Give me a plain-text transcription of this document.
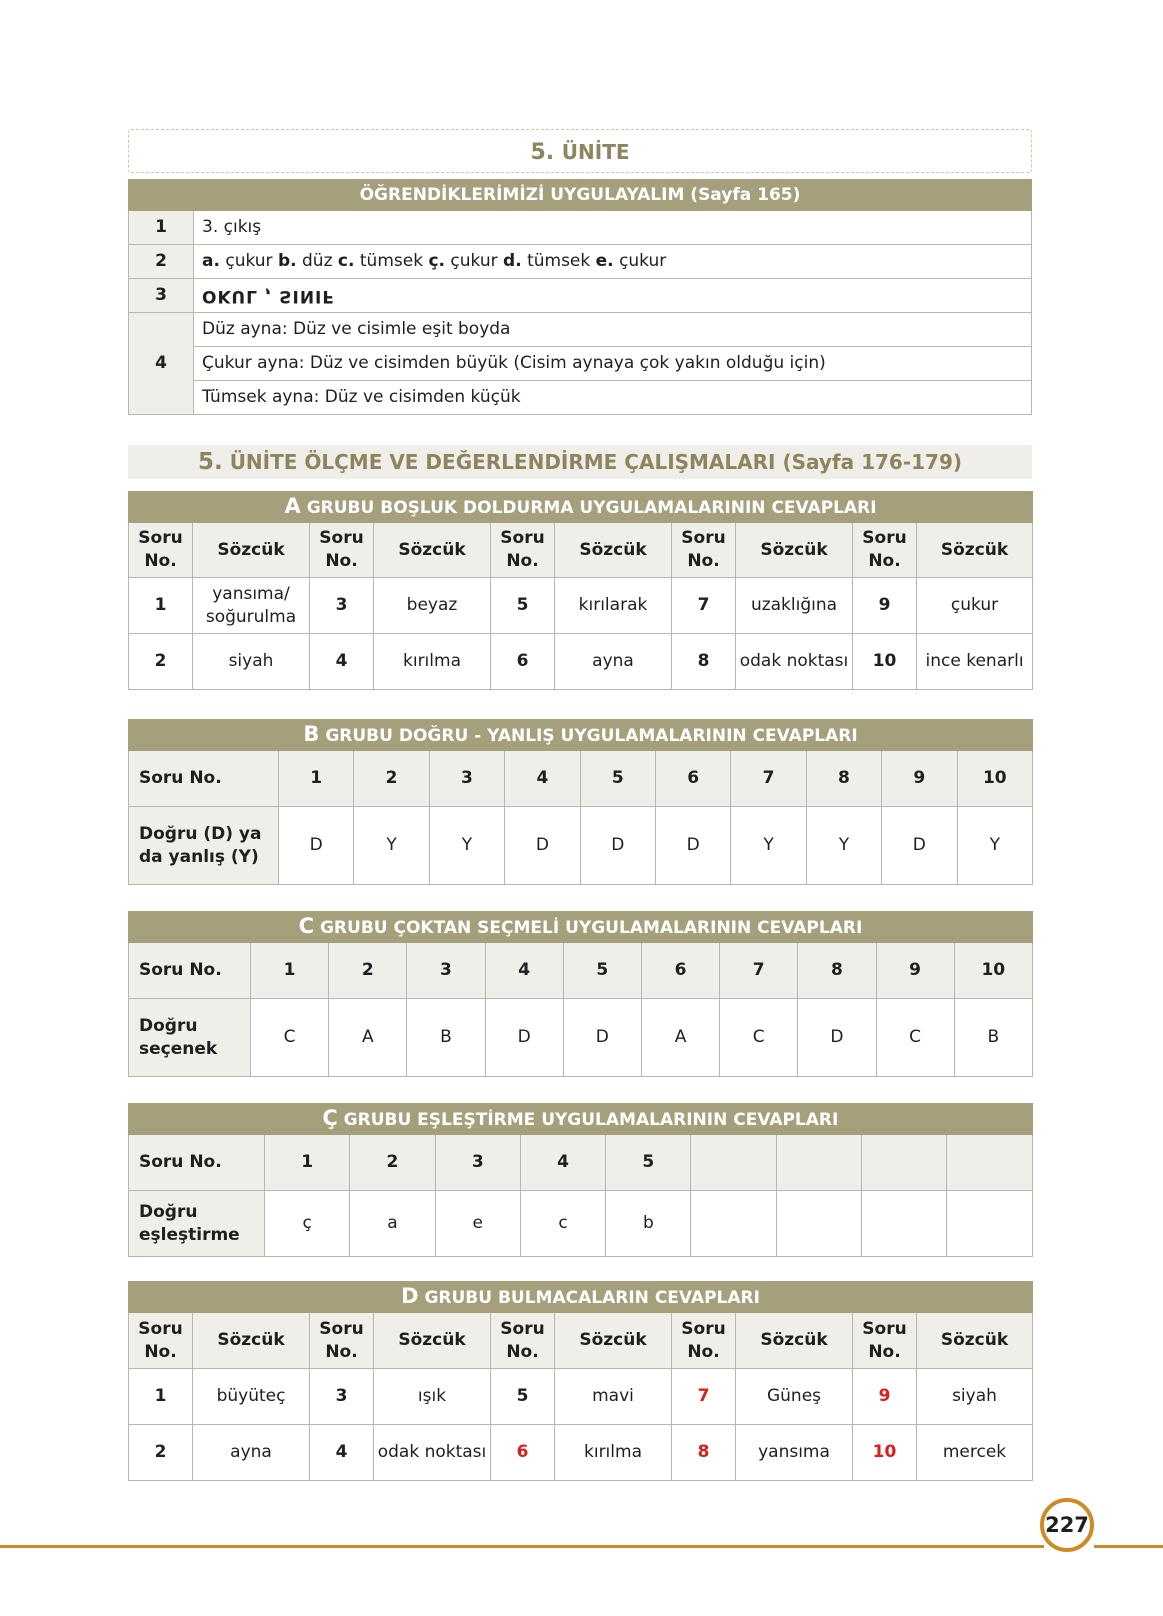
5. ÜNİTE
ÖĞRENDİKLERİMİZİ UYGULAYALIM (Sayfa 165)	
1	3. çıkış
2	a. çukur b. düz c. tümsek ç. çukur d. tümsek e. çukur
3	OKUL , SINIF
4	Düz ayna: Düz ve cisimle eşit boyda
	Çukur ayna: Düz ve cisimden büyük (Cisim aynaya çok yakın olduğu için)
	Tümsek ayna: Düz ve cisimden küçük
5. ÜNİTE ÖLÇME VE DEĞERLENDİRME ÇALIŞMALARI (Sayfa 176-179)
A GRUBU BOŞLUK DOLDURMA UYGULAMALARININ CEVAPLARI									
Soru No.	Sözcük	Soru No.	Sözcük	Soru No.	Sözcük	Soru No.	Sözcük	Soru No.	Sözcük
1	yansıma/ soğurulma	3	beyaz	5	kırılarak	7	uzaklığına	9	çukur
2	siyah	4	kırılma	6	ayna	8	odak noktası	10	ince kenarlı
B GRUBU DOĞRU - YANLIŞ UYGULAMALARININ CEVAPLARI										
Soru No.	1	2	3	4	5	6	7	8	9	10
Doğru (D) ya da yanlış (Y)	D	Y	Y	D	D	D	Y	Y	D	Y
C GRUBU ÇOKTAN SEÇMELİ UYGULAMALARININ CEVAPLARI										
Soru No.	1	2	3	4	5	6	7	8	9	10
Doğru seçenek	C	A	B	D	D	A	C	D	C	B
Ç GRUBU EŞLEŞTİRME UYGULAMALARININ CEVAPLARI									
Soru No.	1	2	3	4	5				
Doğru eşleştirme	ç	a	e	c	b				
D GRUBU BULMACALARIN CEVAPLARI									
Soru No.	Sözcük	Soru No.	Sözcük	Soru No.	Sözcük	Soru No.	Sözcük	Soru No.	Sözcük
1	büyüteç	3	ışık	5	mavi	7	Güneş	9	siyah
2	ayna	4	odak noktası	6	kırılma	8	yansıma	10	mercek
227
